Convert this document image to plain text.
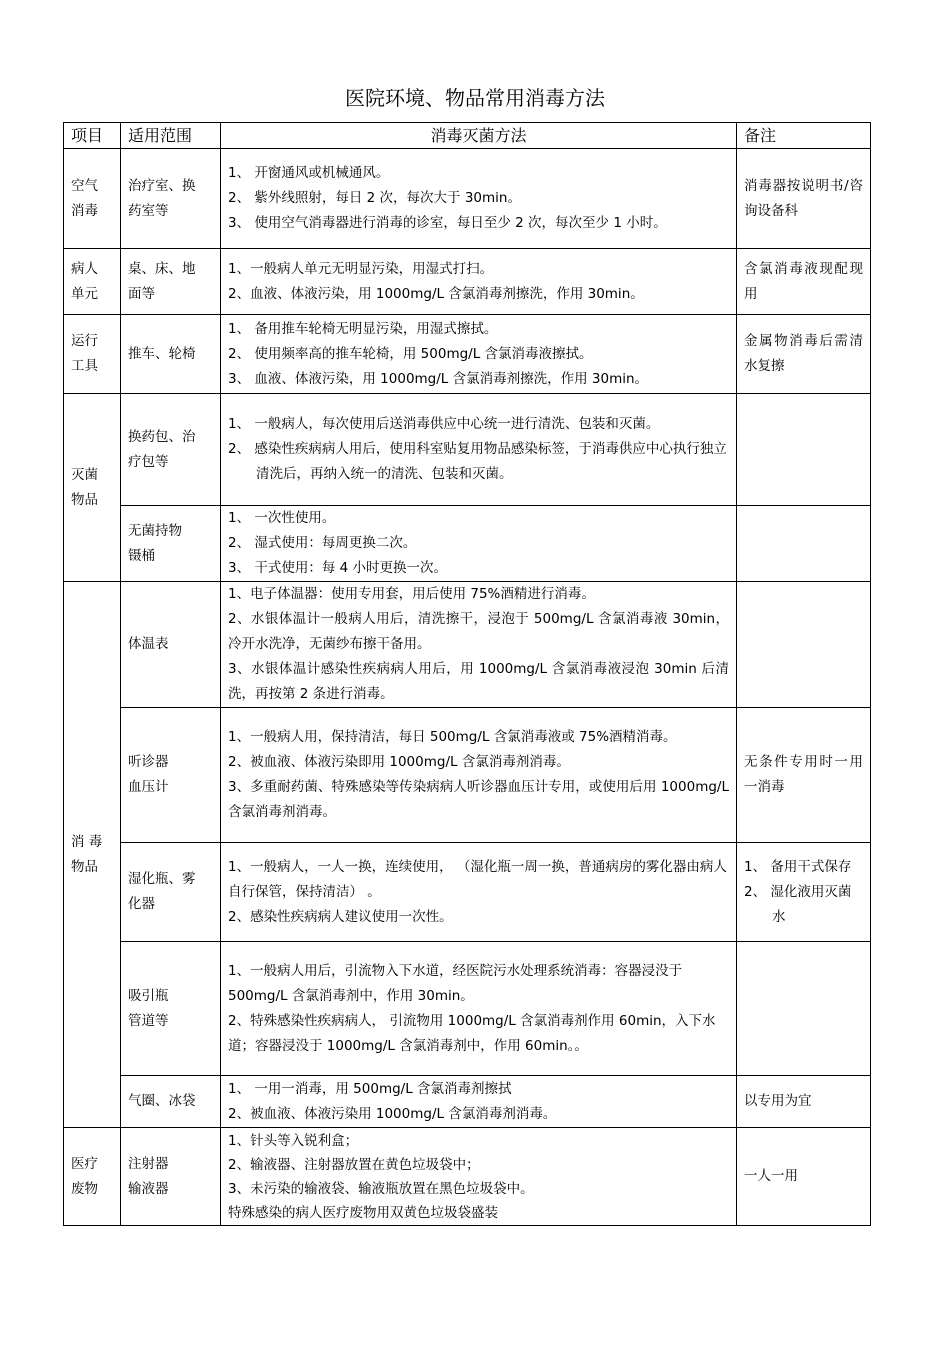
医院环境、物品常用消毒方法
项目	适用范围	消毒灭菌方法	备注

空气
消毒	治疗室、换
药室等	1、 开窗通风或机械通风。
2、 紫外线照射，每日 2 次，每次大于 30min。
3、 使用空气消毒器进行消毒的诊室，每日至少 2 次，每次至少 1 小时。	消毒器按说明书/咨询设备科

病人
单元	桌、床、地
面等	1、一般病人单元无明显污染，用湿式打扫。
2、血液、体液污染，用 1000mg/L 含氯消毒剂擦洗，作用 30min。	含氯消毒液现配现用

运行
工具	推车、轮椅	1、 备用推车轮椅无明显污染，用湿式擦拭。
2、 使用频率高的推车轮椅，用 500mg/L 含氯消毒液擦拭。
3、 血液、体液污染，用 1000mg/L 含氯消毒剂擦洗，作用 30min。	金属物消毒后需清水复擦

灭菌
物品	换药包、治
疗包等	1、 一般病人，每次使用后送消毒供应中心统一进行清洗、包装和灭菌。
2、 感染性疾病病人用后，使用科室贴复用物品感染标签，于消毒供应中心执行独立清洗后，再纳入统一的清洗、包装和灭菌。	

	无菌持物
镊桶	1、 一次性使用。
2、 湿式使用：每周更换二次。
3、 干式使用：每 4 小时更换一次。	

消 毒
物品	体温表	1、电子体温器：使用专用套，用后使用 75%酒精进行消毒。
2、水银体温计一般病人用后，清洗擦干，浸泡于 500mg/L 含氯消毒液 30min，冷开水洗净，无菌纱布擦干备用。
3、水银体温计感染性疾病病人用后，用 1000mg/L 含氯消毒液浸泡 30min 后清洗，再按第 2 条进行消毒。	

	听诊器
血压计	1、一般病人用，保持清洁，每日 500mg/L 含氯消毒液或 75%酒精消毒。
2、被血液、体液污染即用 1000mg/L 含氯消毒剂消毒。
3、多重耐药菌、特殊感染等传染病病人听诊器血压计专用，或使用后用 1000mg/L 含氯消毒剂消毒。	无条件专用时一用一消毒

	湿化瓶、雾
化器	1、一般病人，一人一换，连续使用， （湿化瓶一周一换，普通病房的雾化器由病人自行保管，保持清洁） 。
2、感染性疾病病人建议使用一次性。	1、 备用干式保存
2、 湿化液用灭菌水

	吸引瓶
管道等	1、一般病人用后，引流物入下水道，经医院污水处理系统消毒：容器浸没于 500mg/L 含氯消毒剂中，作用 30min。
2、特殊感染性疾病病人， 引流物用 1000mg/L 含氯消毒剂作用 60min，入下水道；容器浸没于 1000mg/L 含氯消毒剂中，作用 60min。。	

	气圈、冰袋	1、 一用一消毒，用 500mg/L 含氯消毒剂擦拭
2、被血液、体液污染用 1000mg/L 含氯消毒剂消毒。	以专用为宜

医疗
废物	注射器
输液器	1、针头等入锐利盒；
2、输液器、注射器放置在黄色垃圾袋中；
3、未污染的输液袋、输液瓶放置在黑色垃圾袋中。
特殊感染的病人医疗废物用双黄色垃圾袋盛装	一人一用
